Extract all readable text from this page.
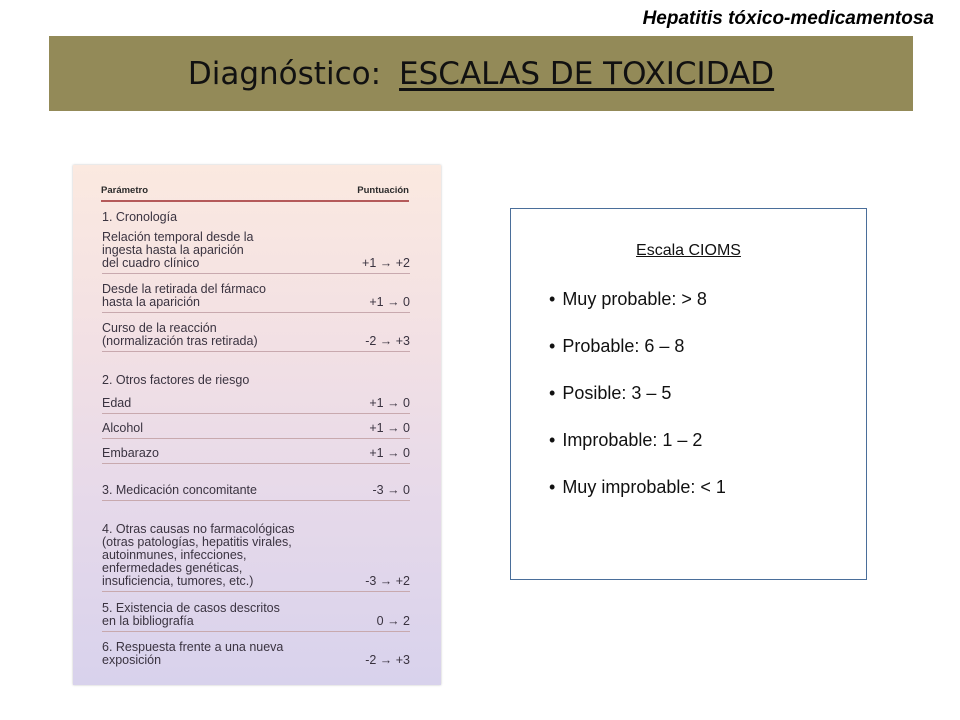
Hepatitis tóxico-medicamentosa
Diagnóstico: ESCALAS DE TOXICIDAD
Parámetro	Puntuación
1. Cronología
Relación temporal desde la
ingesta hasta la aparición
del cuadro clínico	+1 → +2
Desde la retirada del fármaco
hasta la aparición	+1 → 0
Curso de la reacción
(normalización tras retirada)	-2 → +3
2. Otros factores de riesgo
Edad	+1 → 0
Alcohol	+1 → 0
Embarazo	+1 → 0
3. Medicación concomitante	-3 → 0
4. Otras causas no farmacológicas
(otras patologías, hepatitis virales,
autoinmunes, infecciones,
enfermedades genéticas,
insuficiencia, tumores, etc.)	-3 → +2
5. Existencia de casos descritos
en la bibliografía	0 → 2
6. Respuesta frente a una nueva
exposición	-2 → +3
Escala CIOMS
• Muy probable: > 8
• Probable: 6 – 8
• Posible: 3 – 5
• Improbable: 1 – 2
• Muy improbable: < 1
